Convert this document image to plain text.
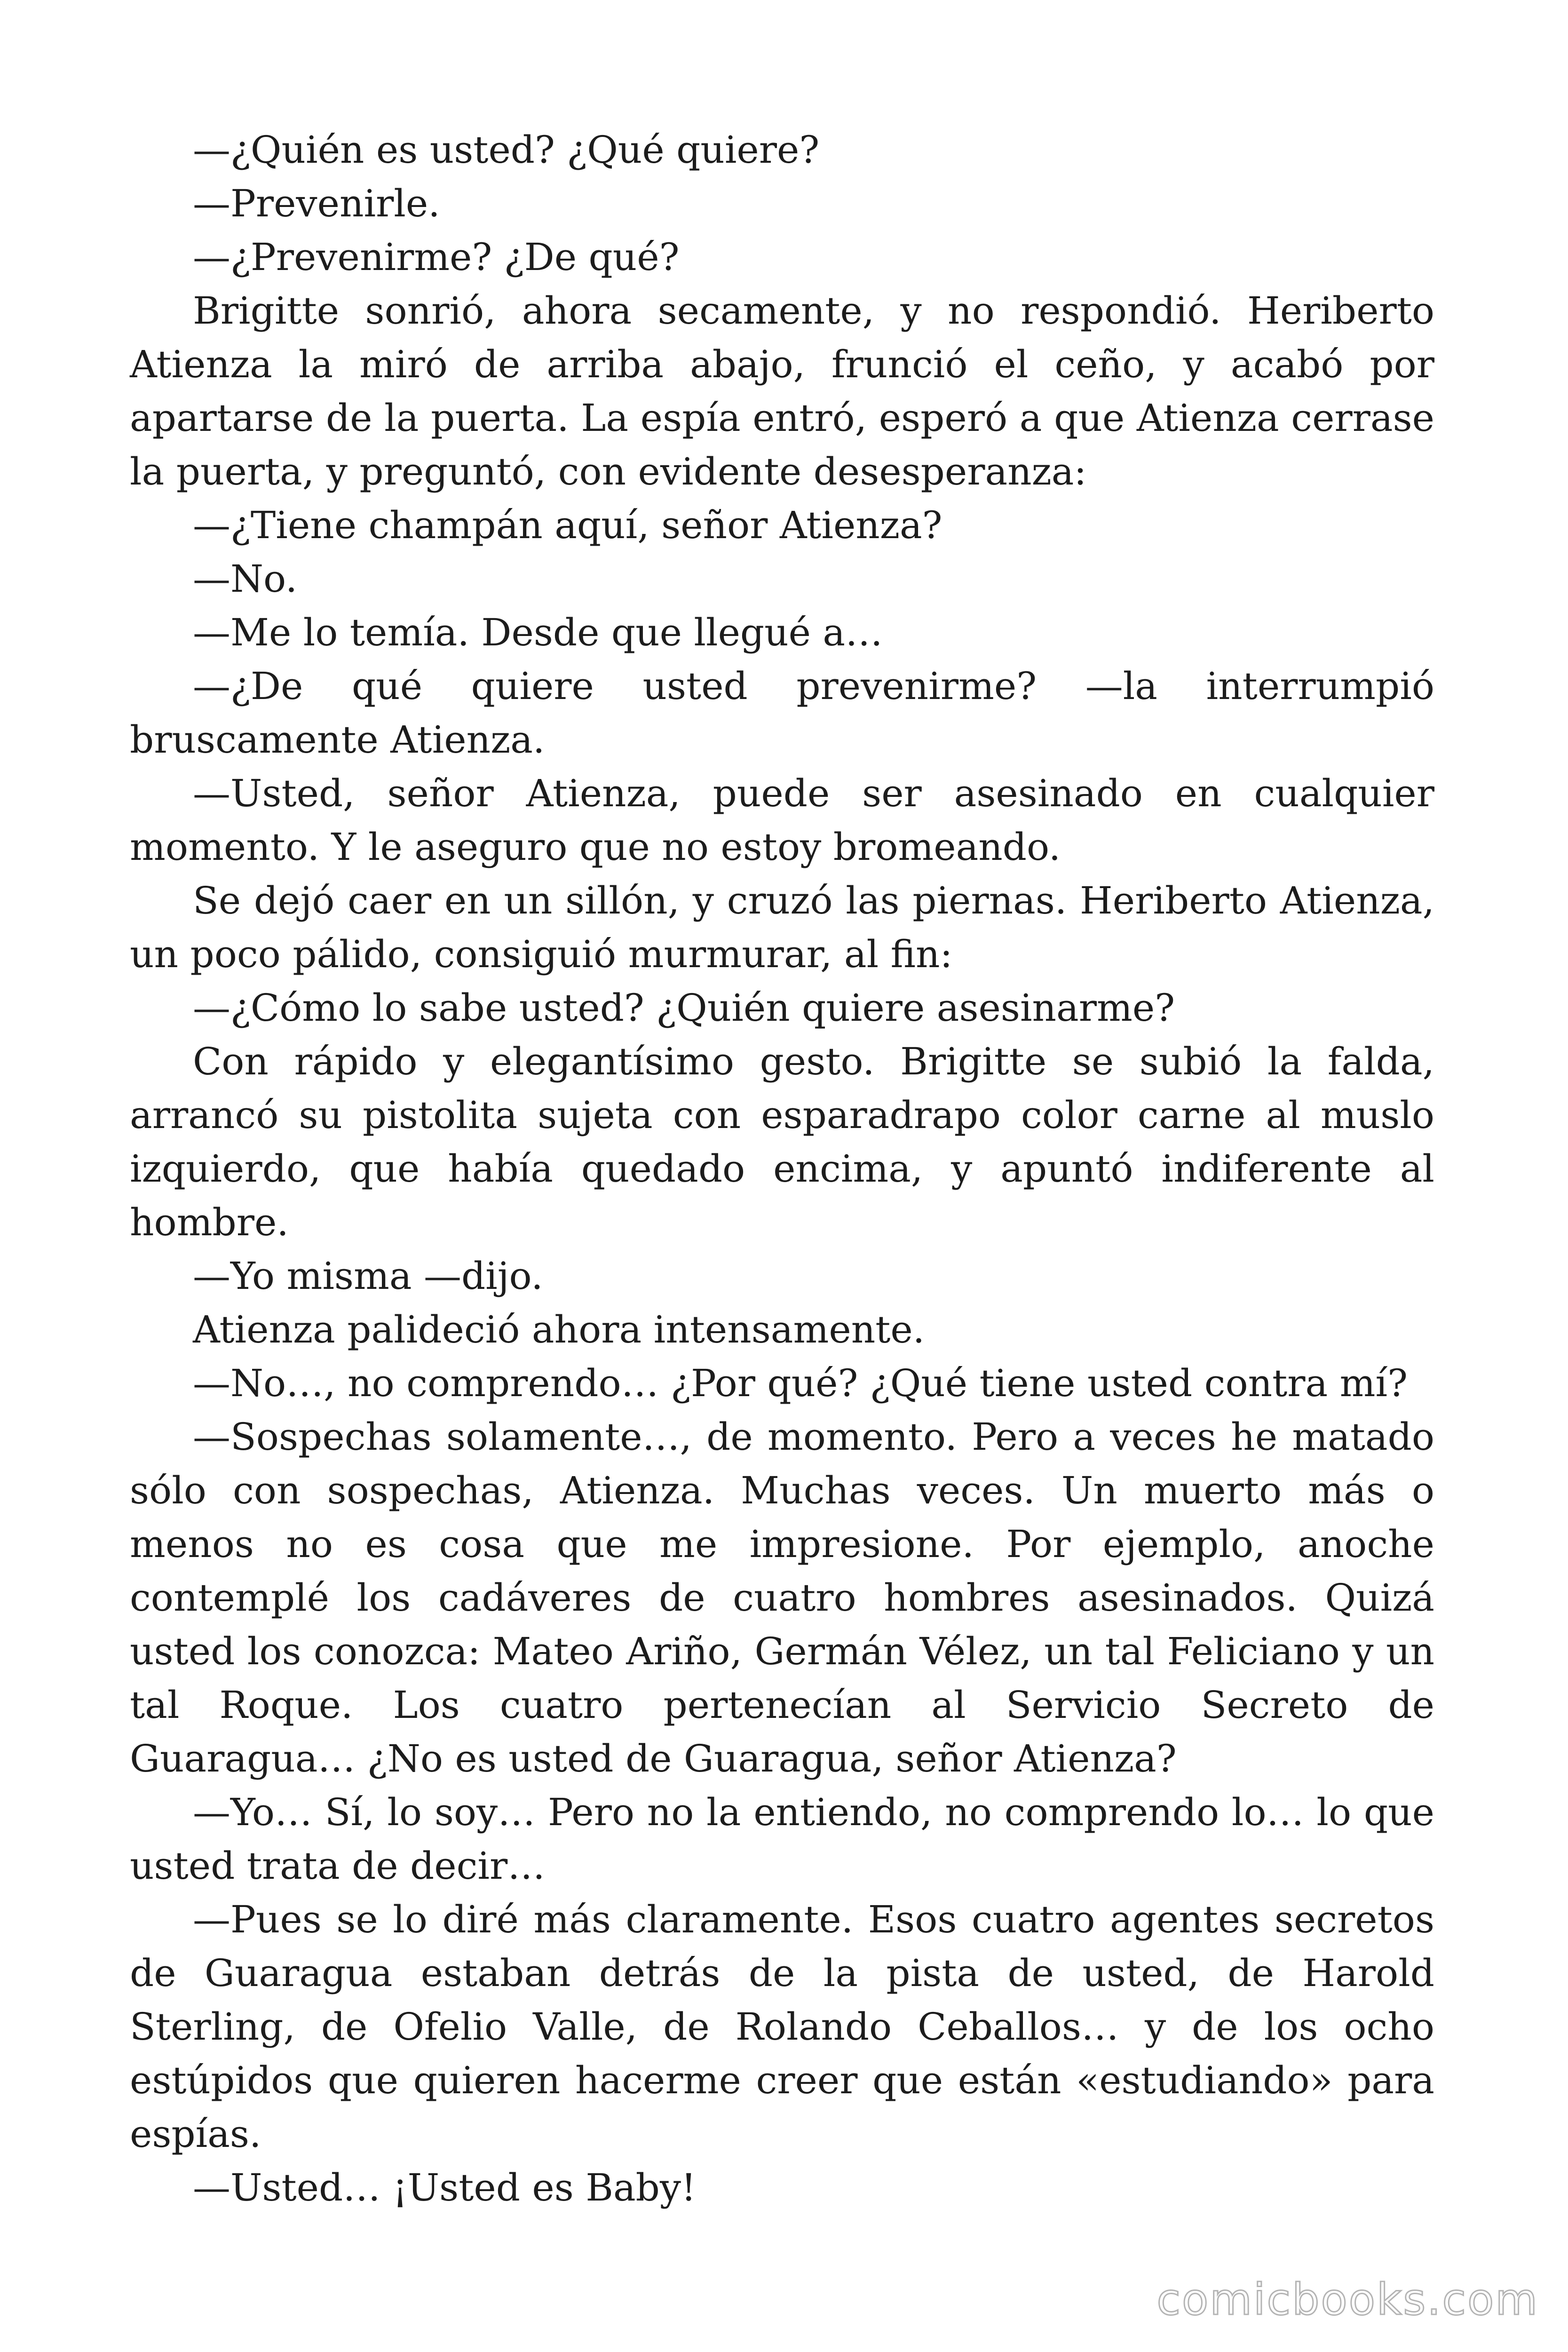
—¿Quién es usted? ¿Qué quiere?

—Prevenirle.

—¿Prevenirme? ¿De qué?

Brigitte sonrió, ahora secamente, y no respondió. Heriberto Atienza la miró de arriba abajo, frunció el ceño, y acabó por apartarse de la puerta. La espía entró, esperó a que Atienza cerrase la puerta, y preguntó, con evidente desesperanza:

—¿Tiene champán aquí, señor Atienza?

—No.

—Me lo temía. Desde que llegué a…

—¿De qué quiere usted prevenirme? —la interrumpió bruscamente Atienza.

—Usted, señor Atienza, puede ser asesinado en cualquier momento. Y le aseguro que no estoy bromeando.

Se dejó caer en un sillón, y cruzó las piernas. Heriberto Atienza, un poco pálido, consiguió murmurar, al fin:

—¿Cómo lo sabe usted? ¿Quién quiere asesinarme?

Con rápido y elegantísimo gesto. Brigitte se subió la falda, arrancó su pistolita sujeta con esparadrapo color carne al muslo izquierdo, que había quedado encima, y apuntó indiferente al hombre.

—Yo misma —dijo.

Atienza palideció ahora intensamente.

—No…, no comprendo… ¿Por qué? ¿Qué tiene usted contra mí?

—Sospechas solamente…, de momento. Pero a veces he matado sólo con sospechas, Atienza. Muchas veces. Un muerto más o menos no es cosa que me impresione. Por ejemplo, anoche contemplé los cadáveres de cuatro hombres asesinados. Quizá usted los conozca: Mateo Ariño, Germán Vélez, un tal Feliciano y un tal Roque. Los cuatro pertenecían al Servicio Secreto de Guaragua… ¿No es usted de Guaragua, señor Atienza?

—Yo… Sí, lo soy… Pero no la entiendo, no comprendo lo… lo que usted trata de decir…

—Pues se lo diré más claramente. Esos cuatro agentes secretos de Guaragua estaban detrás de la pista de usted, de Harold Sterling, de Ofelio Valle, de Rolando Ceballos… y de los ocho estúpidos que quieren hacerme creer que están «estudiando» para espías.

—Usted… ¡Usted es Baby!

comicbooks.com
